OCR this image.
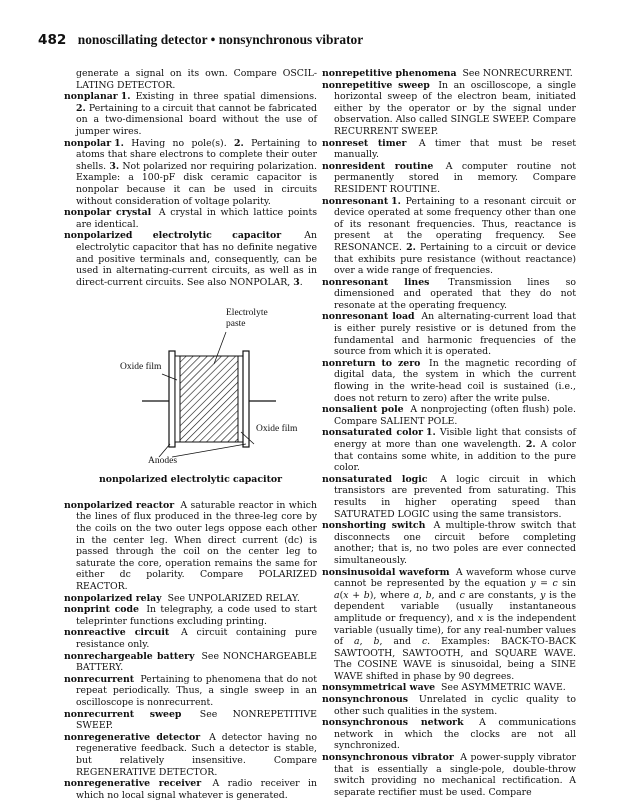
482 nonoscillating detector • nonsynchronous vibrator

generate a signal on its own. Compare OSCIL-LATING DETECTOR.

nonplanar 1. Existing in three spatial dimensions. 2. Pertaining to a circuit that cannot be fabricated on a two-dimensional board without the use of jumper wires.

nonpolar 1. Having no pole(s). 2. Pertaining to atoms that share electrons to complete their outer shells. 3. Not polarized nor requiring polarization. Example: a 100-pF disk ceramic capacitor is nonpolar because it can be used in circuits without consideration of voltage polarity.

nonpolar crystal A crystal in which lattice points are identical.

nonpolarized electrolytic capacitor An electrolytic capacitor that has no definite negative and positive terminals and, consequently, can be used in alternating-current circuits, as well as in direct-current circuits. See also NONPOLAR, 3.

Electrolyte paste
Oxide film
Oxide film
Anodes

nonpolarized electrolytic capacitor

nonpolarized reactor A saturable reactor in which the lines of flux produced in the three-leg core by the coils on the two outer legs oppose each other in the center leg. When direct current (dc) is passed through the coil on the center leg to saturate the core, operation remains the same for either dc polarity. Compare POLARIZED REACTOR.

nonpolarized relay See UNPOLARIZED RELAY.

nonprint code In telegraphy, a code used to start teleprinter functions excluding printing.

nonreactive circuit A circuit containing pure resistance only.

nonrechargeable battery See NONCHARGEABLE BATTERY.

nonrecurrent Pertaining to phenomena that do not repeat periodically. Thus, a single sweep in an oscilloscope is nonrecurrent.

nonrecurrent sweep See NONREPETITIVE SWEEP.

nonregenerative detector A detector having no regenerative feedback. Such a detector is stable, but relatively insensitive. Compare REGENERATIVE DETECTOR.

nonregenerative receiver A radio receiver in which no local signal whatever is generated.

nonrepetitive phenomena See NONRECURRENT.

nonrepetitive sweep In an oscilloscope, a single horizontal sweep of the electron beam, initiated either by the operator or by the signal under observation. Also called SINGLE SWEEP. Compare RECURRENT SWEEP.

nonreset timer A timer that must be reset manually.

nonresident routine A computer routine not permanently stored in memory. Compare RESIDENT ROUTINE.

nonresonant 1. Pertaining to a resonant circuit or device operated at some frequency other than one of its resonant frequencies. Thus, reactance is present at the operating frequency. See RESONANCE. 2. Pertaining to a circuit or device that exhibits pure resistance (without reactance) over a wide range of frequencies.

nonresonant lines Transmission lines so dimensioned and operated that they do not resonate at the operating frequency.

nonresonant load An alternating-current load that is either purely resistive or is detuned from the fundamental and harmonic frequencies of the source from which it is operated.

nonreturn to zero In the magnetic recording of digital data, the system in which the current flowing in the write-head coil is sustained (i.e., does not return to zero) after the write pulse.

nonsalient pole A nonprojecting (often flush) pole. Compare SALIENT POLE.

nonsaturated color 1. Visible light that consists of energy at more than one wavelength. 2. A color that contains some white, in addition to the pure color.

nonsaturated logic A logic circuit in which transistors are prevented from saturating. This results in higher operating speed than SATURATED LOGIC using the same transistors.

nonshorting switch A multiple-throw switch that disconnects one circuit before completing another; that is, no two poles are ever connected simultaneously.

nonsinusoidal waveform A waveform whose curve cannot be represented by the equation y = c sin a(x + b), where a, b, and c are constants, y is the dependent variable (usually instantaneous amplitude or frequency), and x is the independent variable (usually time), for any real-number values of a, b, and c. Examples: BACK-TO-BACK SAWTOOTH, SAWTOOTH, and SQUARE WAVE. The COSINE WAVE is sinusoidal, being a SINE WAVE shifted in phase by 90 degrees.

nonsymmetrical wave See ASYMMETRIC WAVE.

nonsynchronous Unrelated in cyclic quality to other such qualities in the system.

nonsynchronous network A communications network in which the clocks are not all synchronized.

nonsynchronous vibrator A power-supply vibrator that is essentially a single-pole, double-throw switch providing no mechanical rectification. A separate rectifier must be used. Compare
